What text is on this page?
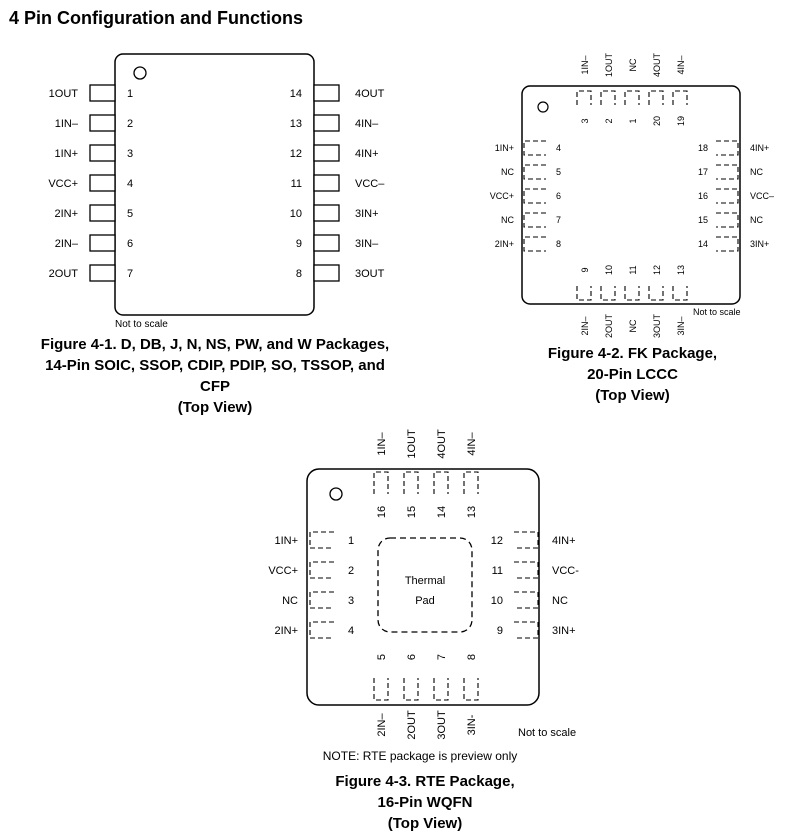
4 Pin Configuration and Functions
1OUT	1
1IN–	2
1IN+	3
VCC+	4
2IN+	5
2IN–	6
2OUT	7
4OUT
14
4IN–
13
4IN+
12
VCC–
11
3IN+
10
3IN–
9
3OUT
8
Not to scale
1IN–
3
1OUT
2
NC
1
4OUT
20
4IN–
19
2IN–
9
2OUT
10
NC
11
3OUT
12
3IN–
13
1IN+	4
NC	5
VCC+	6
NC	7
2IN+	8
4IN+
18
NC
17
VCC–
16
NC
15
3IN+
14
Not to scale
Thermal
Pad
1IN–
16
1OUT
15
4OUT
14
4IN–
13
2IN–
5
2OUT
6
3OUT
7
3IN-
8
1IN+	1
VCC+	2
NC	3
2IN+	4
4IN+
12
VCC-
11
NC
10
3IN+
9
Not to scale
Figure 4-1. D, DB, J, N, NS, PW, and W Packages,
14-Pin SOIC, SSOP, CDIP, PDIP, SO, TSSOP, and
CFP
(Top View)
Figure 4-2. FK Package,
20-Pin LCCC
(Top View)
NOTE: RTE package is preview only
Figure 4-3. RTE Package,
16-Pin WQFN
(Top View)
